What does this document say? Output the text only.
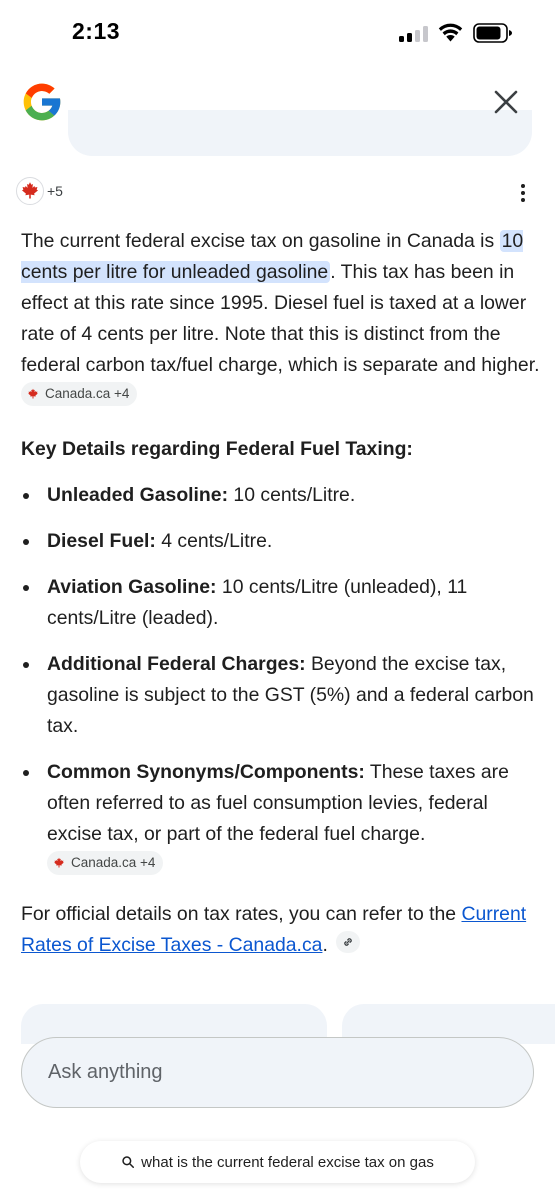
2:13
+5

The current federal excise tax on gasoline in Canada is 10 cents per litre for unleaded gasoline . This tax has been in effect at this rate since 1995. Diesel fuel is taxed at a lower rate of 4 cents per litre. Note that this is distinct from the federal carbon tax/fuel charge, which is separate and higher.
Canada.ca +4

Key Details regarding Federal Fuel Taxing:

Unleaded Gasoline: 10 cents/Litre.
Diesel Fuel: 4 cents/Litre.
Aviation Gasoline: 10 cents/Litre (unleaded), 11 cents/Litre (leaded).
Additional Federal Charges: Beyond the excise tax, gasoline is subject to the GST (5%) and a federal carbon tax.
Common Synonyms/Components: These taxes are often referred to as fuel consumption levies, federal excise tax, or part of the federal fuel charge.
Canada.ca +4

For official details on tax rates, you can refer to the Current Rates of Excise Taxes - Canada.ca.

Ask anything
what is the current federal excise tax on gas
